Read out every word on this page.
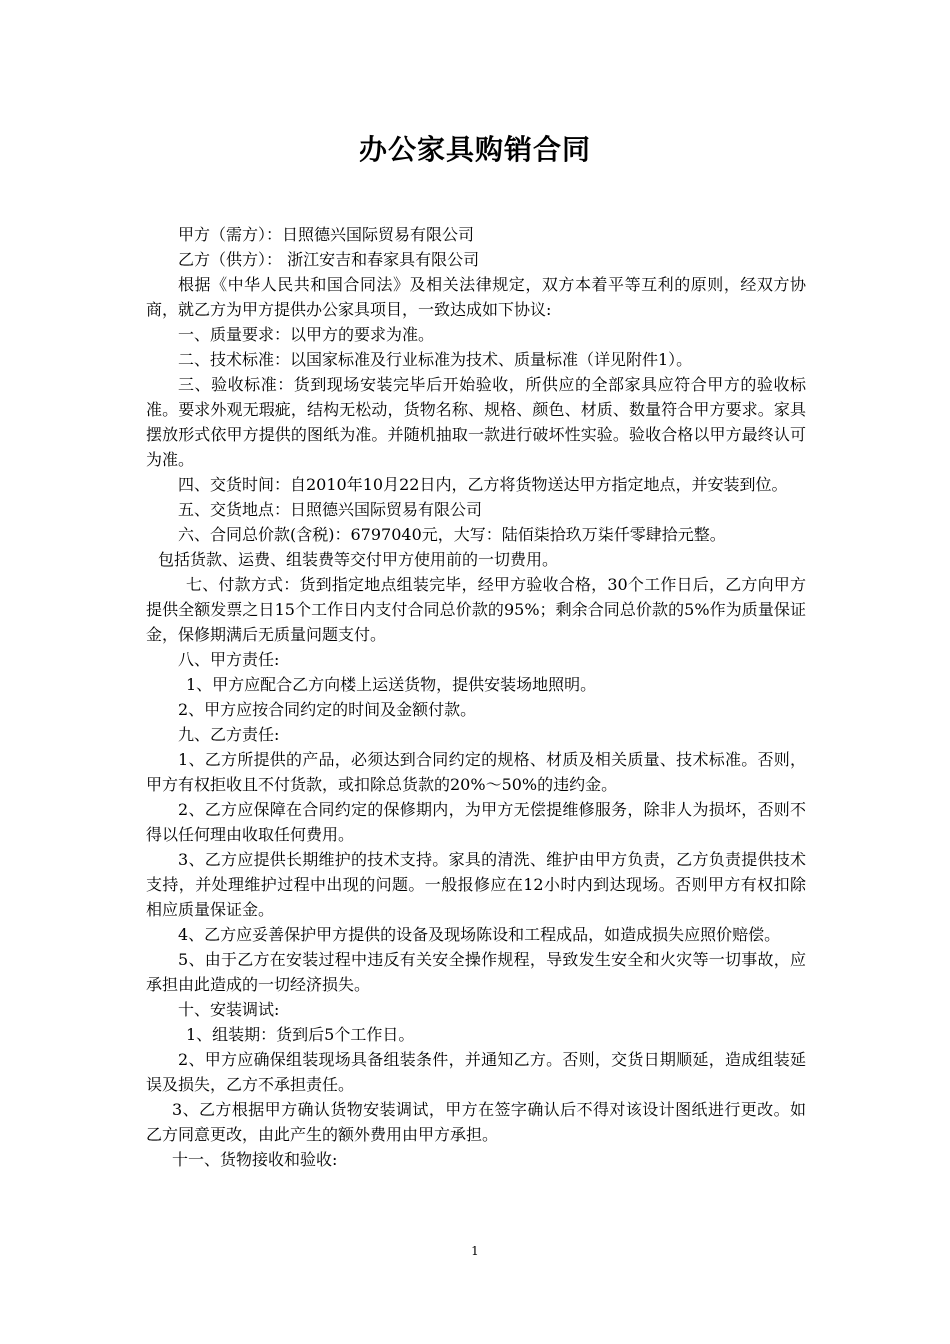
办公家具购销合同

甲方（需方）：日照德兴国际贸易有限公司

乙方（供方）： 浙江安吉和春家具有限公司

根据《中华人民共和国合同法》及相关法律规定，双方本着平等互利的原则，经双方协商，就乙方为甲方提供办公家具项目，一致达成如下协议:

一、质量要求：以甲方的要求为准。

二、技术标准：以国家标准及行业标准为技术、质量标准（详见附件1）。

三、验收标准：货到现场安装完毕后开始验收，所供应的全部家具应符合甲方的验收标准。要求外观无瑕疵，结构无松动，货物名称、规格、颜色、材质、数量符合甲方要求。家具摆放形式依甲方提供的图纸为准。并随机抽取一款进行破坏性实验。验收合格以甲方最终认可为准。

四、交货时间：自2010年10月22日内，乙方将货物送达甲方指定地点，并安装到位。

五、交货地点：日照德兴国际贸易有限公司

六、合同总价款(含税)：6797040元，大写：陆佰柒拾玖万柒仟零肆拾元整。

包括货款、运费、组装费等交付甲方使用前的一切费用。

七、付款方式：货到指定地点组装完毕，经甲方验收合格，30个工作日后，乙方向甲方提供全额发票之日15个工作日内支付合同总价款的95%；剩余合同总价款的5%作为质量保证金，保修期满后无质量问题支付。

八、甲方责任:

1、甲方应配合乙方向楼上运送货物，提供安装场地照明。

2、甲方应按合同约定的时间及金额付款。

九、乙方责任:

1、乙方所提供的产品，必须达到合同约定的规格、材质及相关质量、技术标准。否则，甲方有权拒收且不付货款，或扣除总货款的20%～50%的违约金。

2、乙方应保障在合同约定的保修期内，为甲方无偿提维修服务，除非人为损坏，否则不得以任何理由收取任何费用。

3、乙方应提供长期维护的技术支持。家具的清洗、维护由甲方负责，乙方负责提供技术支持，并处理维护过程中出现的问题。一般报修应在12小时内到达现场。否则甲方有权扣除相应质量保证金。

4、乙方应妥善保护甲方提供的设备及现场陈设和工程成品，如造成损失应照价赔偿。

5、由于乙方在安装过程中违反有关安全操作规程，导致发生安全和火灾等一切事故，应承担由此造成的一切经济损失。

十、安装调试:

1、组装期：货到后5个工作日。

2、甲方应确保组装现场具备组装条件，并通知乙方。否则，交货日期顺延，造成组装延误及损失，乙方不承担责任。

3、乙方根据甲方确认货物安装调试，甲方在签字确认后不得对该设计图纸进行更改。如乙方同意更改，由此产生的额外费用由甲方承担。

十一、货物接收和验收:

1
